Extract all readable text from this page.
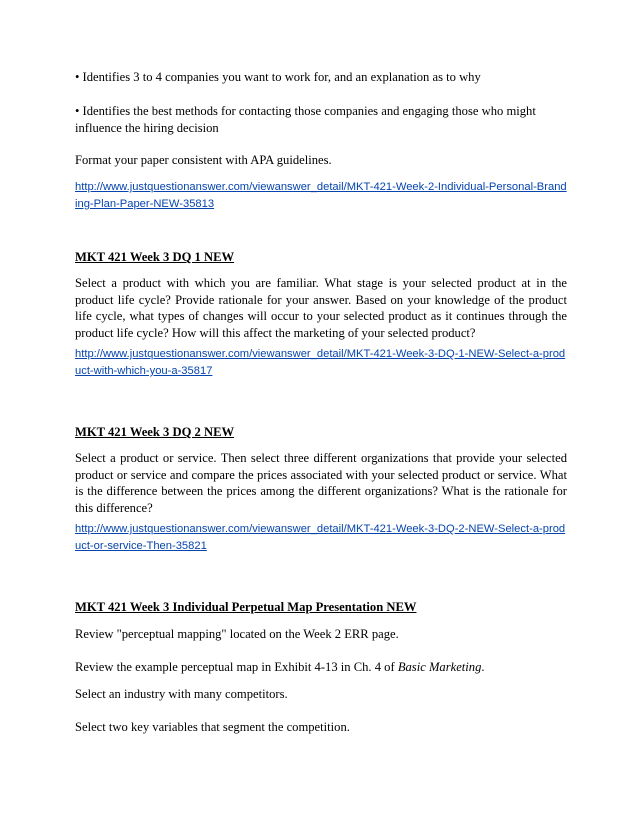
• Identifies 3 to 4 companies you want to work for, and an explanation as to why

• Identifies the best methods for contacting those companies and engaging those who might influence the hiring decision

Format your paper consistent with APA guidelines.

http://www.justquestionanswer.com/viewanswer_detail/MKT-421-Week-2-Individual-Personal-Branding-Plan-Paper-NEW-35813

MKT 421 Week 3 DQ 1 NEW

Select a product with which you are familiar. What stage is your selected product at in the product life cycle? Provide rationale for your answer. Based on your knowledge of the product life cycle, what types of changes will occur to your selected product as it continues through the product life cycle? How will this affect the marketing of your selected product?

http://www.justquestionanswer.com/viewanswer_detail/MKT-421-Week-3-DQ-1-NEW-Select-a-product-with-which-you-a-35817

MKT 421 Week 3 DQ 2 NEW

Select a product or service. Then select three different organizations that provide your selected product or service and compare the prices associated with your selected product or service. What is the difference between the prices among the different organizations? What is the rationale for this difference?

http://www.justquestionanswer.com/viewanswer_detail/MKT-421-Week-3-DQ-2-NEW-Select-a-product-or-service-Then-35821

MKT 421 Week 3 Individual Perpetual Map Presentation NEW

Review "perceptual mapping" located on the Week 2 ERR page.

Review the example perceptual map in Exhibit 4-13 in Ch. 4 of Basic Marketing.

Select an industry with many competitors.

Select two key variables that segment the competition.
